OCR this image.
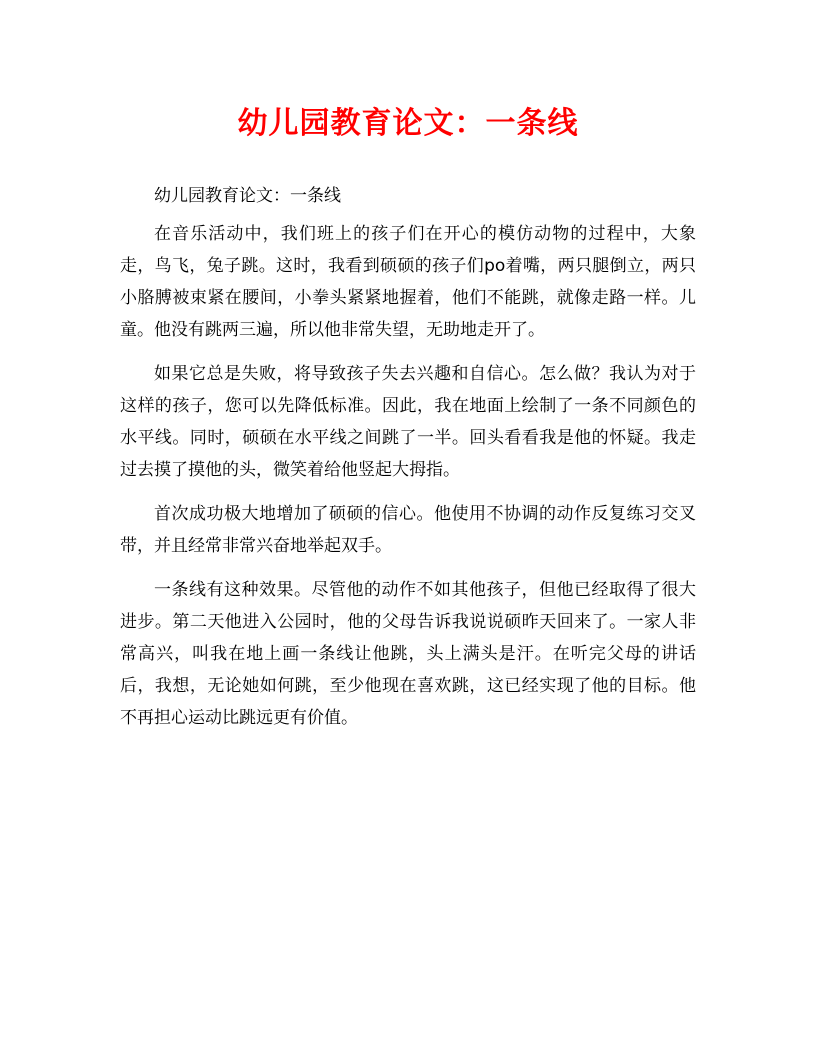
幼儿园教育论文：一条线

幼儿园教育论文：一条线

在音乐活动中，我们班上的孩子们在开心的模仿动物的过程中，大象走，鸟飞，兔子跳。这时，我看到硕硕的孩子们po着嘴，两只腿倒立，两只小胳膊被束紧在腰间，小拳头紧紧地握着，他们不能跳，就像走路一样。儿童。他没有跳两三遍，所以他非常失望，无助地走开了。

如果它总是失败，将导致孩子失去兴趣和自信心。怎么做？我认为对于这样的孩子，您可以先降低标准。因此，我在地面上绘制了一条不同颜色的水平线。同时，硕硕在水平线之间跳了一半。回头看看我是他的怀疑。我走过去摸了摸他的头，微笑着给他竖起大拇指。

首次成功极大地增加了硕硕的信心。他使用不协调的动作反复练习交叉带，并且经常非常兴奋地举起双手。

一条线有这种效果。尽管他的动作不如其他孩子，但他已经取得了很大进步。第二天他进入公园时，他的父母告诉我说说硕昨天回来了。一家人非常高兴，叫我在地上画一条线让他跳，头上满头是汗。在听完父母的讲话后，我想，无论她如何跳，至少他现在喜欢跳，这已经实现了他的目标。他不再担心运动比跳远更有价值。
